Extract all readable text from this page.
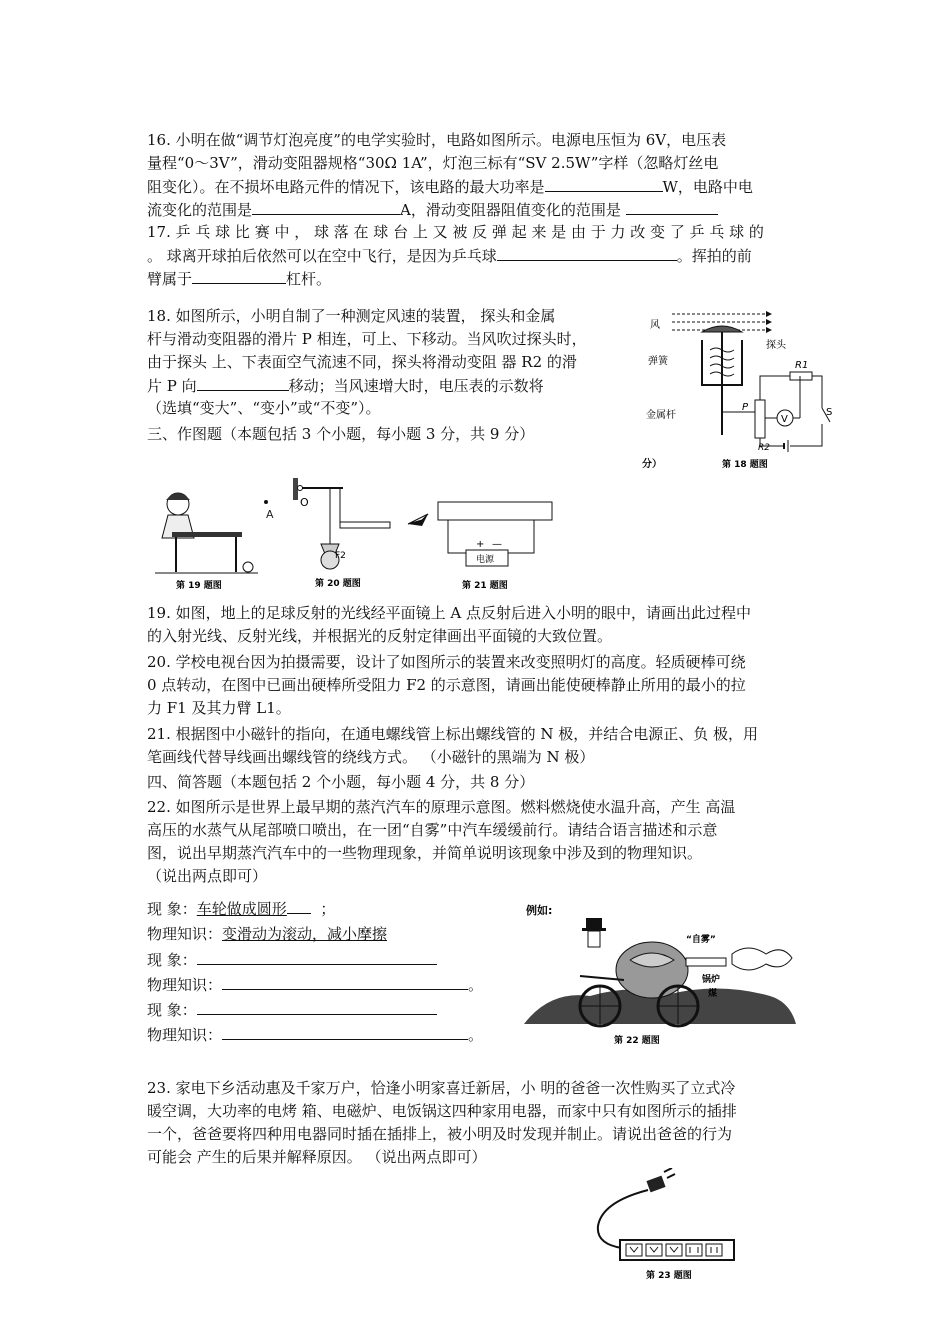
16. 小明在做“调节灯泡亮度”的电学实验时，电路如图所示。电源电压恒为 6V，电压表
量程“0～3V”，滑动变阻器规格“30Ω 1A”，灯泡三标有“SV 2.5W”字样（忽略灯丝电
阻变化）。在不损坏电路元件的情况下，该电路的最大功率是	W，电路中电
流变化的范围是	A，滑动变阻器阻值变化的范围是
17. 乒 乓 球 比 赛 中 ， 球 落 在 球 台 上 又 被 反 弹 起 来 是 由 于 力 改 变 了 乒 乓 球 的
。 球离开球拍后依然可以在空中飞行，是因为乒乓球	。挥拍的前
臂属于	杠杆。
18. 如图所示，小明自制了一种测定风速的装置， 探头和金属
杆与滑动变阻器的滑片 P 相连，可上、下移动。当风吹过探头时，
由于探头 上、下表面空气流速不同，探头将滑动变阻 器 R2 的滑
片 P 向	移动；当风速增大时，电压表的示数将
（选填“变大”、“变小”或“不变”）。
风
弹簧
探头
金属杆
P
R2
V
R1
S
分）	第 18 题图
三、作图题（本题包括 3 个小题，每小题 3 分，共 9 分）
第 19 题图
A
O
F2
第 20 题图
+ —
电源
第 21 题图
19. 如图，地上的足球反射的光线经平面镜上 A 点反射后进入小明的眼中，请画出此过程中
的入射光线、反射光线，并根据光的反射定律画出平面镜的大致位置。
20. 学校电视台因为拍摄需要，设计了如图所示的装置来改变照明灯的高度。轻质硬棒可绕
0 点转动，在图中已画出硬棒所受阻力 F2 的示意图，请画出能使硬棒静止所用的最小的拉
力 F1 及其力臂 L1。
21. 根据图中小磁针的指向，在通电螺线管上标出螺线管的 N 极，并结合电源正、负 极，用
笔画线代替导线画出螺线管的绕线方式。 （小磁针的黑端为 N 极）
四、简答题（本题包括 2 个小题，每小题 4 分，共 8 分）
22. 如图所示是世界上最早期的蒸汽汽车的原理示意图。燃料燃烧使水温升高，产生 高温
高压的水蒸气从尾部喷口喷出，在一团“自雾”中汽车缓缓前行。请结合语言描述和示意
图，说出早期蒸汽汽车中的一些物理现象，并简单说明该现象中涉及到的物理知识。
（说出两点即可）
现 象：车轮做成圆形 ；
物理知识：变滑动为滚动，减小摩擦
现 象：
物理知识：	。
现 象：
物理知识：	。
例如:
“自雾”
锅炉
煤
第 22 题图
23. 家电下乡活动惠及千家万户，恰逢小明家喜迁新居，小 明的爸爸一次性购买了立式冷
暖空调，大功率的电烤 箱、电磁炉、电饭锅这四种家用电器，而家中只有如图所示的插排
一个，爸爸要将四种用电器同时插在插排上，被小明及时发现并制止。请说出爸爸的行为
可能会 产生的后果并解释原因。 （说出两点即可）
第 23 题图
